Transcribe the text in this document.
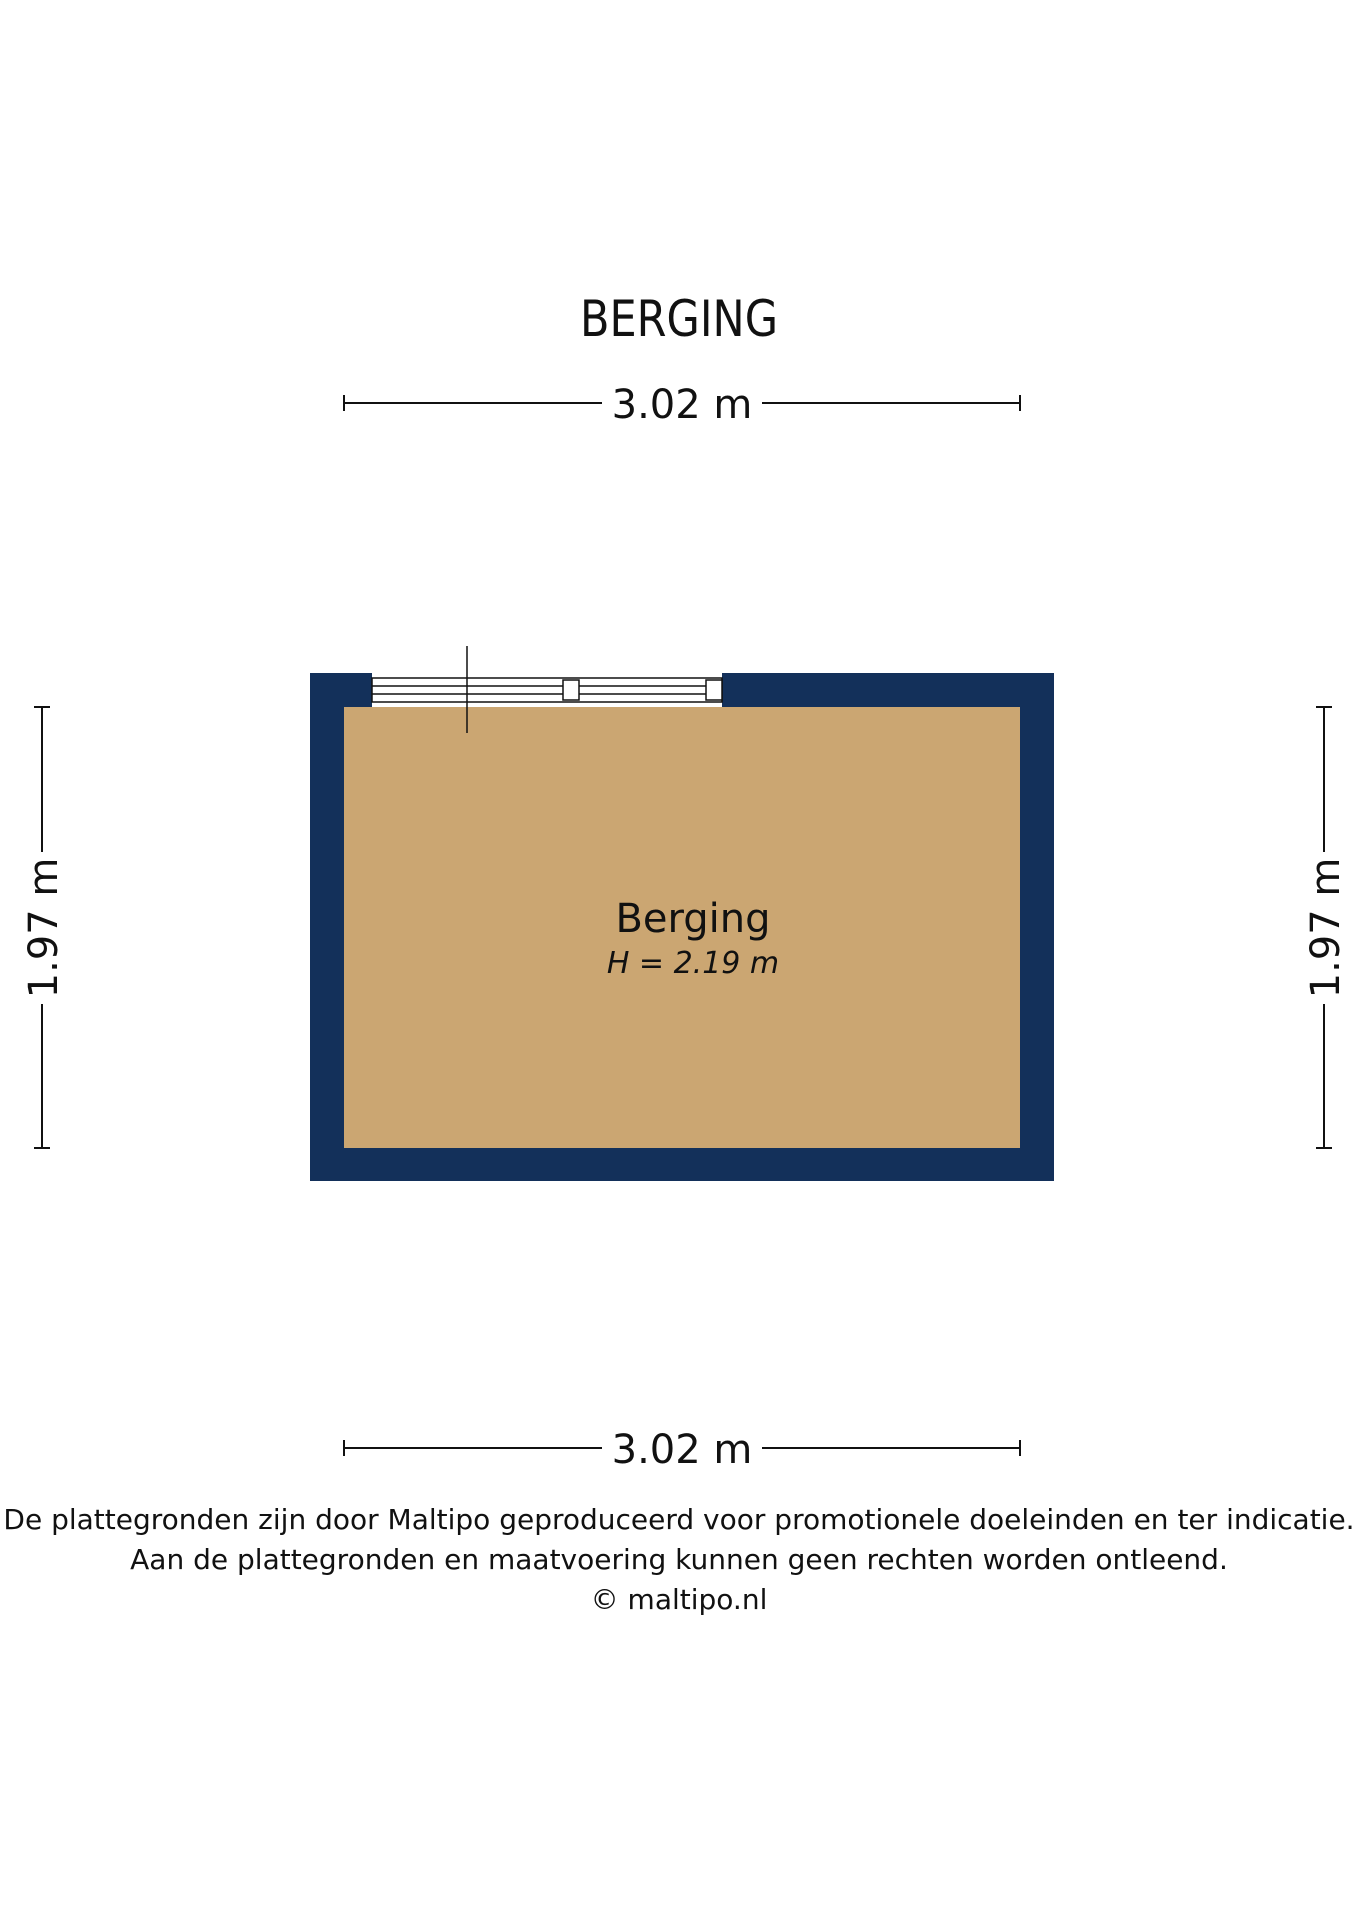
BERGING
3.02 m
3.02 m
1.97 m	1.97 m
Berging
H = 2.19 m
De plattegronden zijn door Maltipo geproduceerd voor promotionele doeleinden en ter indicatie.
Aan de plattegronden en maatvoering kunnen geen rechten worden ontleend.
© maltipo.nl
